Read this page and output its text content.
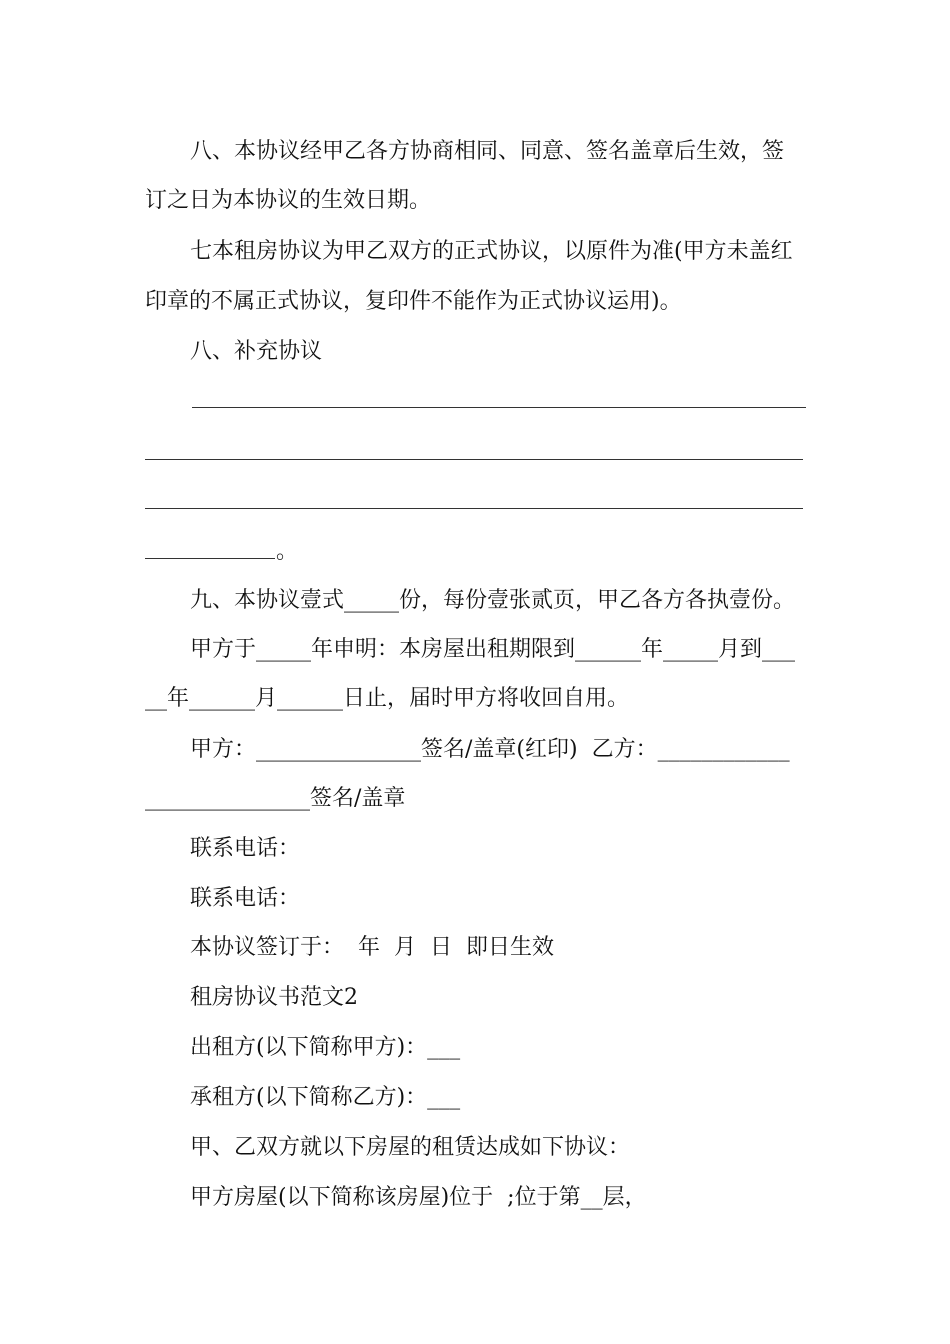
八、本协议经甲乙各方协商相同、同意、签名盖章后生效，签
订之日为本协议的生效日期。
七本租房协议为甲乙双方的正式协议，以原件为准(甲方未盖红
印章的不属正式协议，复印件不能作为正式协议运用)。
八、补充协议
。
九、本协议壹式_____份，每份壹张贰页，甲乙各方各执壹份。
甲方于_____年申明：本房屋出租期限到______年_____月到___
__年______月______日止，届时甲方将收回自用。
甲方：_______________签名/盖章(红印)  乙方：____________
_______________签名/盖章
联系电话：
联系电话：
本协议签订于：  年  月  日  即日生效
租房协议书范文2
出租方(以下简称甲方)：___
承租方(以下简称乙方)：___
甲、乙双方就以下房屋的租赁达成如下协议：
甲方房屋(以下简称该房屋)位于  ;位于第__层，
